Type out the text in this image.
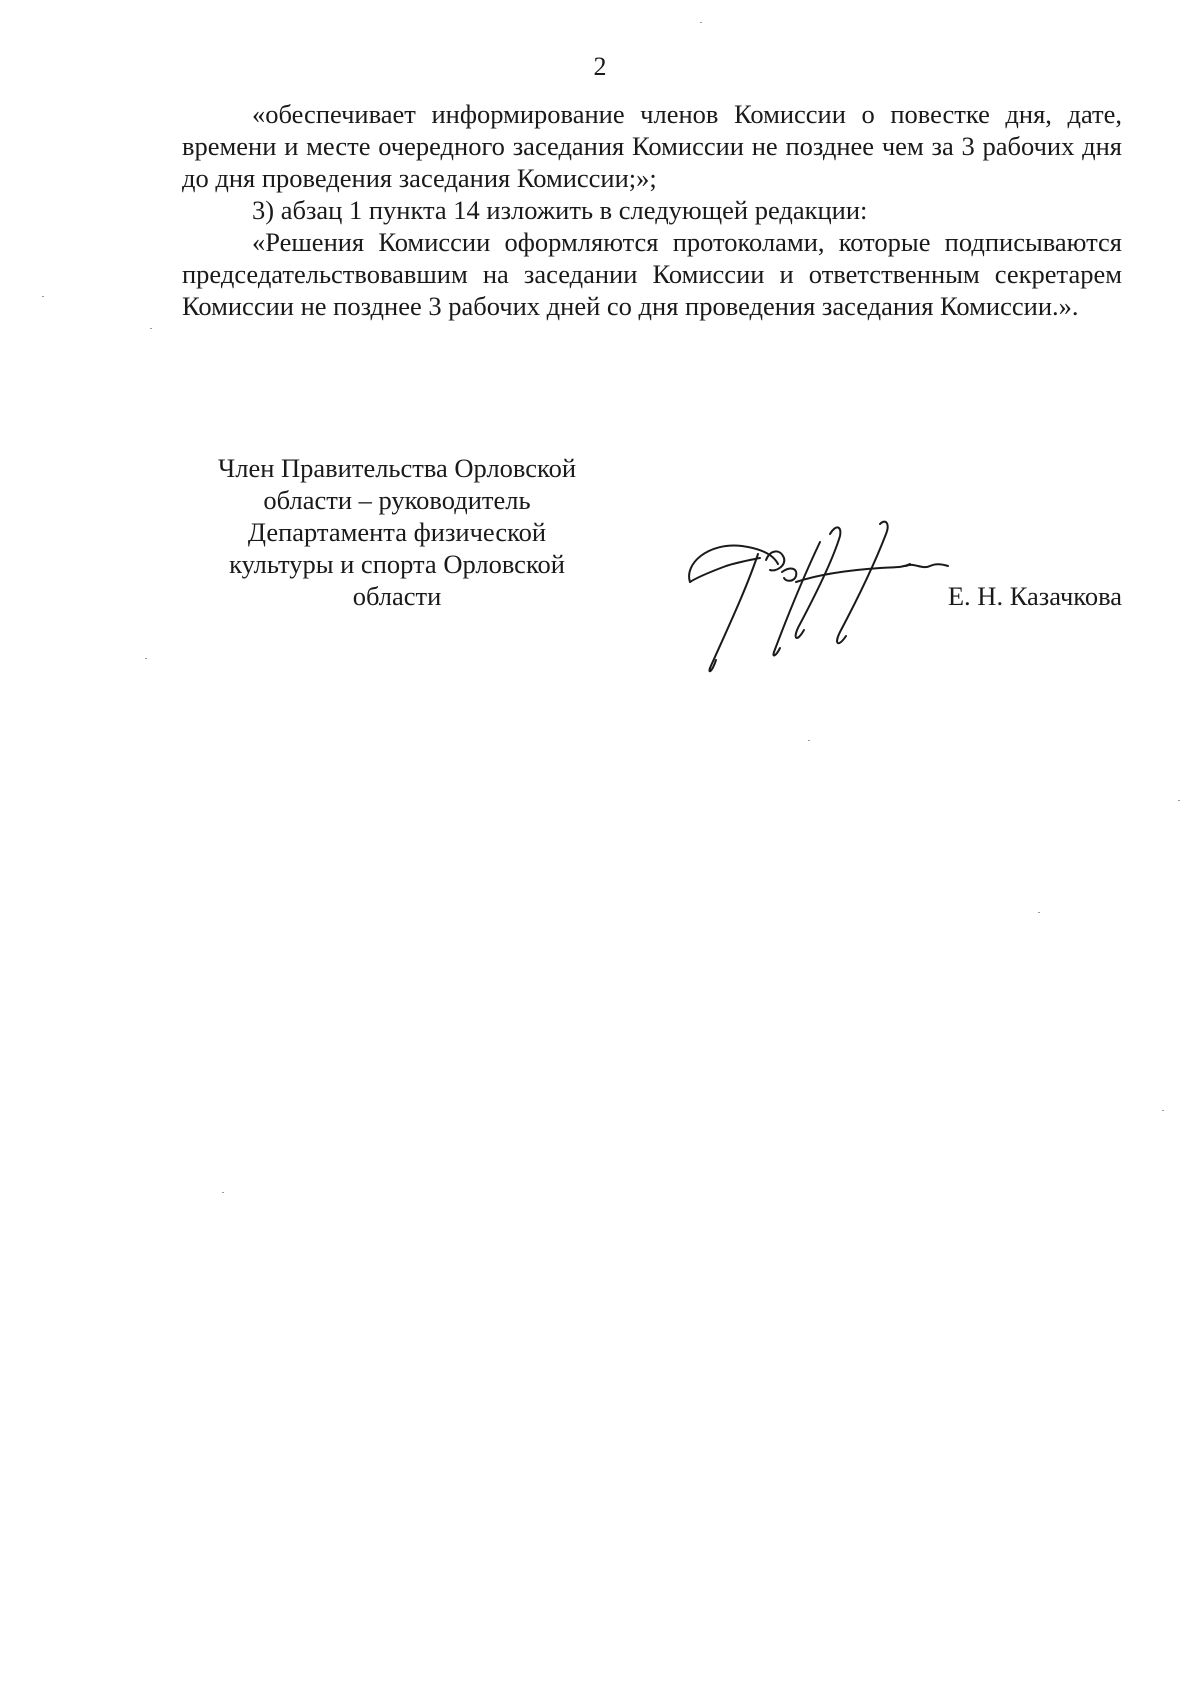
2

«обеспечивает информирование членов Комиссии о повестке дня, дате, времени и месте очередного заседания Комиссии не позднее чем за 3 рабочих дня до дня проведения заседания Комиссии;»;

3) абзац 1 пункта 14 изложить в следующей редакции:

«Решения Комиссии оформляются протоколами, которые подписываются председательствовавшим на заседании Комиссии и ответственным секретарем Комиссии не позднее 3 рабочих дней со дня проведения заседания Комиссии.».

Член Правительства Орловской
области – руководитель
Департамента физической
культуры и спорта Орловской
области	Е. Н. Казачкова
